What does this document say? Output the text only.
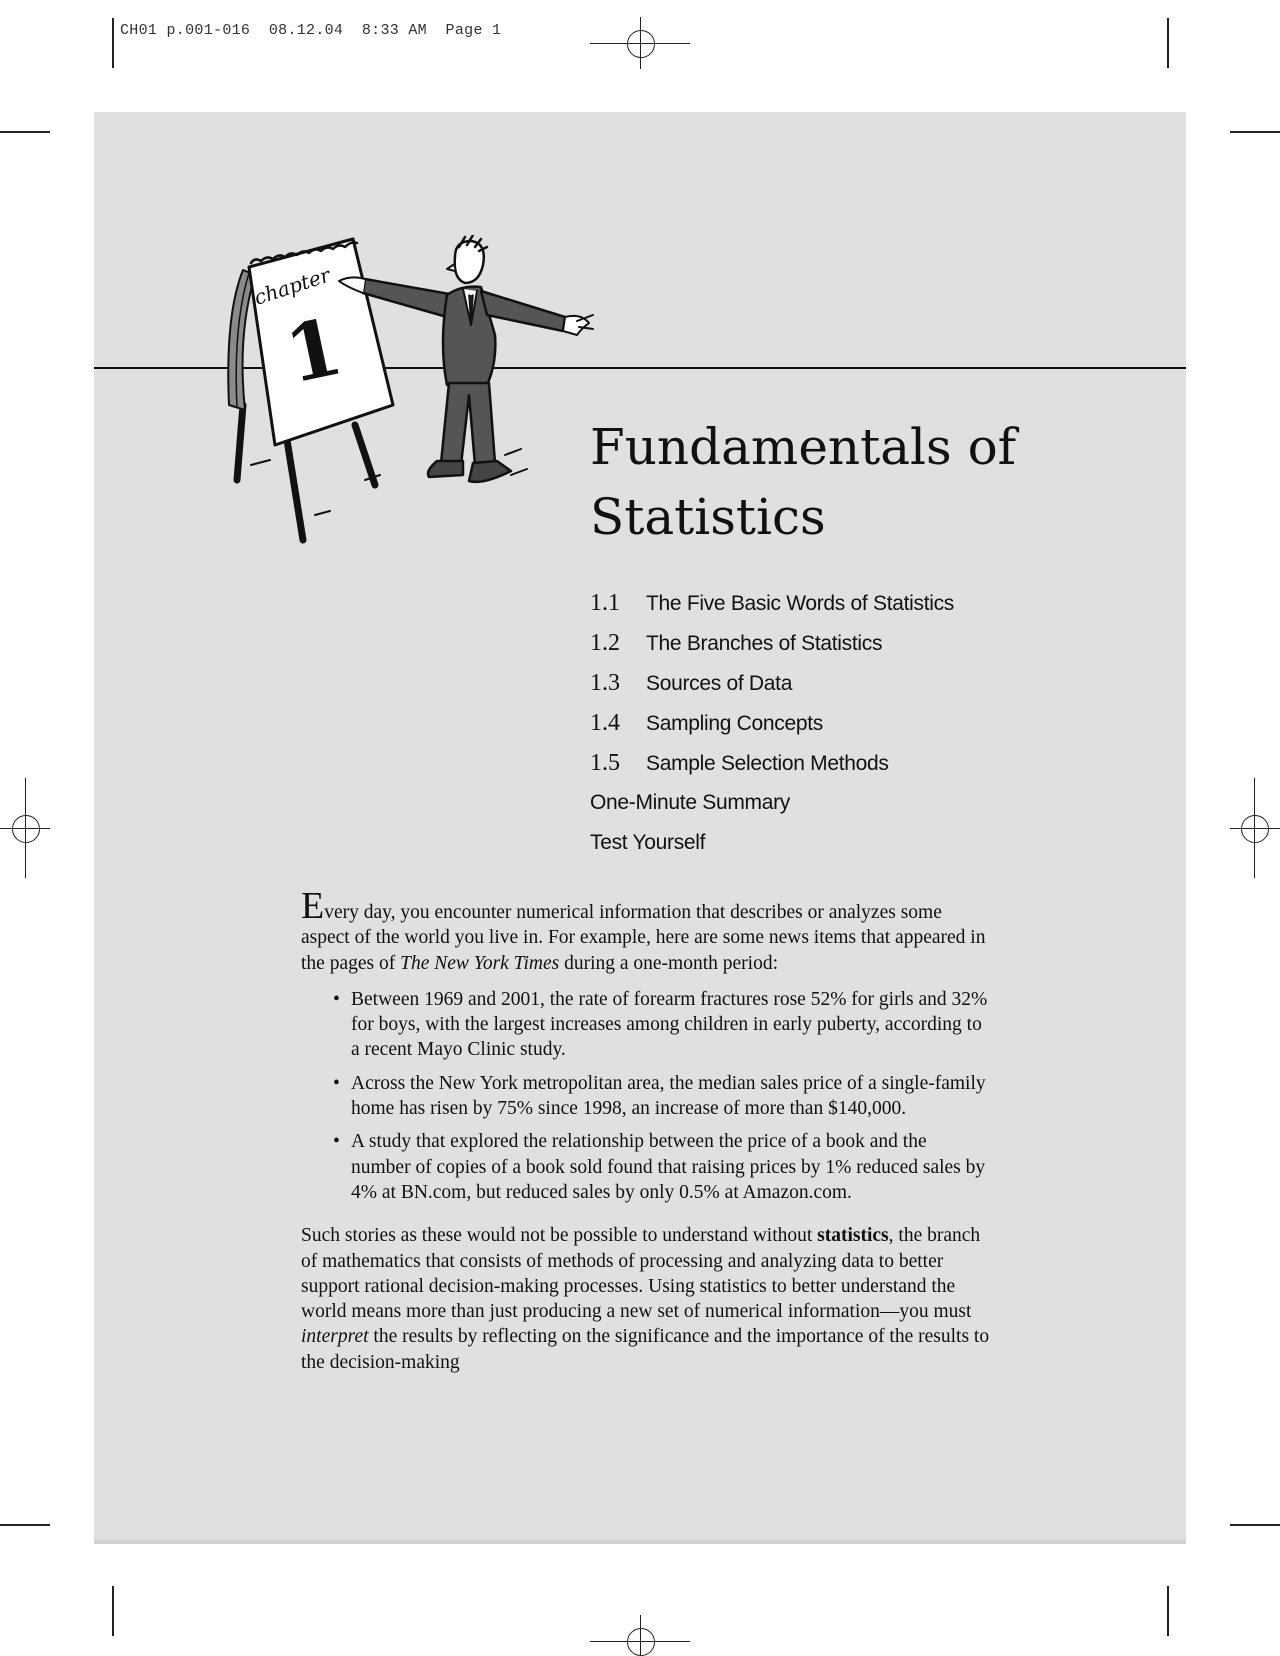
CH01 p.001-016  08.12.04  8:33 AM  Page 1
chapter
1
Fundamentals of
Statistics
1.1 The Five Basic Words of Statistics
1.2 The Branches of Statistics
1.3 Sources of Data
1.4 Sampling Concepts
1.5 Sample Selection Methods
One-Minute Summary
Test Yourself

Every day, you encounter numerical information that describes or analyzes some aspect of the world you live in. For example, here are some news items that appeared in the pages of The New York Times during a one-month period:

• Between 1969 and 2001, the rate of forearm fractures rose 52% for girls and 32% for boys, with the largest increases among children in early puberty, according to a recent Mayo Clinic study.
• Across the New York metropolitan area, the median sales price of a single-family home has risen by 75% since 1998, an increase of more than $140,000.
• A study that explored the relationship between the price of a book and the number of copies of a book sold found that raising prices by 1% reduced sales by 4% at BN.com, but reduced sales by only 0.5% at Amazon.com.

Such stories as these would not be possible to understand without statistics, the branch of mathematics that consists of methods of processing and analyzing data to better support rational decision-making processes. Using statistics to better understand the world means more than just producing a new set of numerical information—you must interpret the results by reflecting on the significance and the importance of the results to the decision-making
